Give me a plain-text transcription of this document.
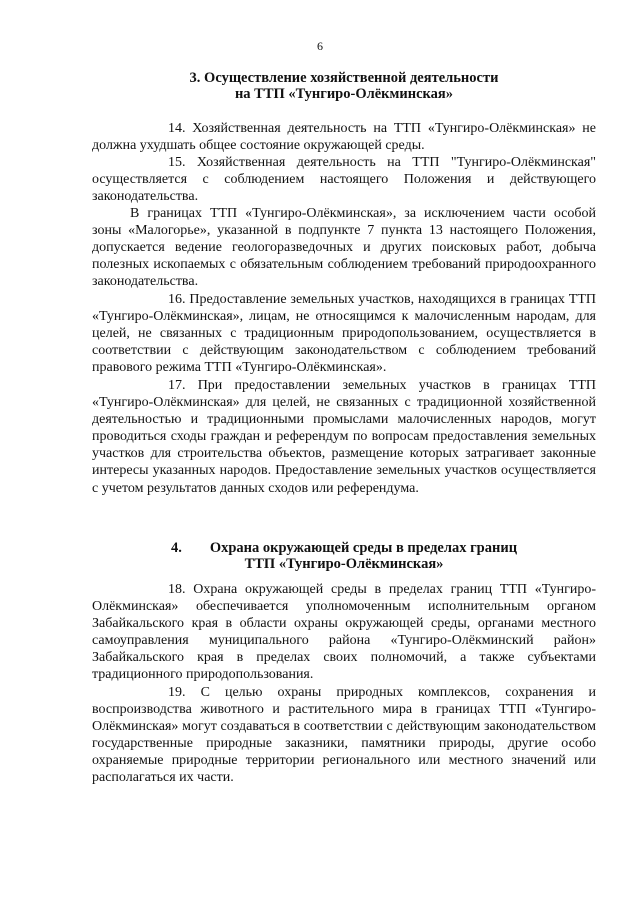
6
3. Осуществление хозяйственной деятельности
на ТТП «Тунгиро-Олёкминская»

14. Хозяйственная деятельность на ТТП «Тунгиро-Олёкминская» не должна ухудшать общее состояние окружающей среды.

15. Хозяйственная деятельность на ТТП "Тунгиро-Олёкминская" осуществляется с соблюдением настоящего Положения и действующего законодательства.

В границах ТТП «Тунгиро-Олёкминская», за исключением части особой зоны «Малогорье», указанной в подпункте 7 пункта 13 настоящего Положения, допускается ведение геологоразведочных и других поисковых работ, добыча полезных ископаемых с обязательным соблюдением требований природоохранного законодательства.

16. Предоставление земельных участков, находящихся в границах ТТП «Тунгиро-Олёкминская», лицам, не относящимся к малочисленным народам, для целей, не связанных с традиционным природопользованием, осуществляется в соответствии с действующим законодательством с соблюдением требований правового режима ТТП «Тунгиро-Олёкминская».

17. При предоставлении земельных участков в границах ТТП «Тунгиро-Олёкминская» для целей, не связанных с традиционной хозяйственной деятельностью и традиционными промыслами малочисленных народов, могут проводиться сходы граждан и референдум по вопросам предоставления земельных участков для строительства объектов, размещение которых затрагивает законные интересы указанных народов. Предоставление земельных участков осуществляется с учетом результатов данных сходов или референдума.

4. Охрана окружающей среды в пределах границ
ТТП «Тунгиро-Олёкминская»

18. Охрана окружающей среды в пределах границ ТТП «Тунгиро-Олёкминская» обеспечивается уполномоченным исполнительным органом Забайкальского края в области охраны окружающей среды, органами местного самоуправления муниципального района «Тунгиро-Олёкминский район» Забайкальского края в пределах своих полномочий, а также субъектами традиционного природопользования.

19. С целью охраны природных комплексов, сохранения и воспроизводства животного и растительного мира в границах ТТП «Тунгиро-Олёкминская» могут создаваться в соответствии с действующим законодательством государственные природные заказники, памятники природы, другие особо охраняемые природные территории регионального или местного значений или располагаться их части.
